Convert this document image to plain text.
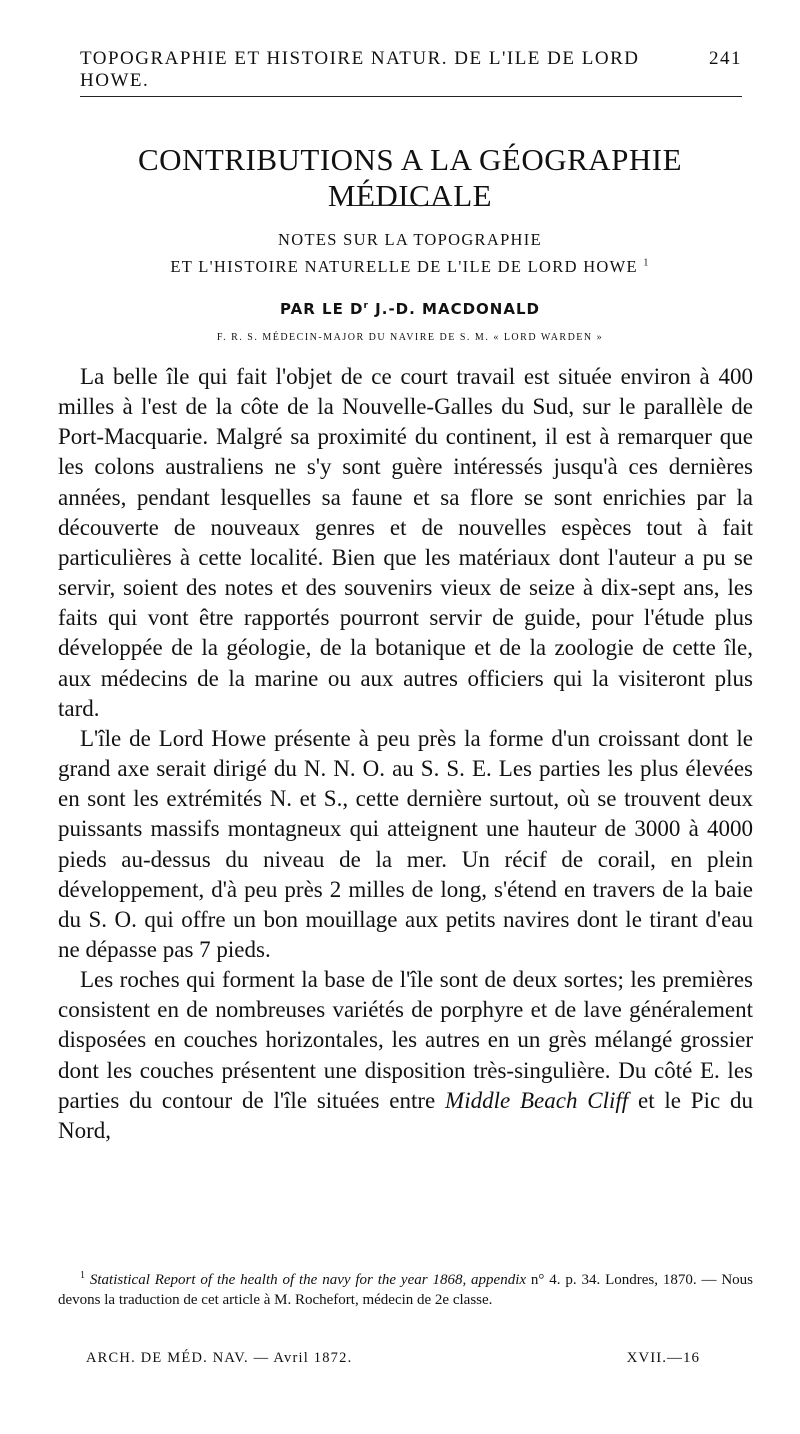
TOPOGRAPHIE ET HISTOIRE NATUR. DE L'ILE DE LORD HOWE.
241
CONTRIBUTIONS A LA GÉOGRAPHIE MÉDICALE
NOTES SUR LA TOPOGRAPHIE
ET L'HISTOIRE NATURELLE DE L'ILE DE LORD HOWE $^1$
PAR LE $D^r$ J.-D. MACDONALD
F. R. S. MÉDECIN-MAJOR DU NAVIRE DE S. M. « LORD WARDEN »

La belle île qui fait l'objet de ce court travail est située environ à 400 milles à l'est de la côte de la Nouvelle-Galles du Sud, sur le parallèle de Port-Macquarie. Malgré sa proximité du continent, il est à remarquer que les colons australiens ne s'y sont guère intéressés jusqu'à ces dernières années, pendant lesquelles sa faune et sa flore se sont enrichies par la découverte de nouveaux genres et de nouvelles espèces tout à fait particulières à cette localité. Bien que les matériaux dont l'auteur a pu se servir, soient des notes et des souvenirs vieux de seize à dix-sept ans, les faits qui vont être rapportés pourront servir de guide, pour l'étude plus développée de la géologie, de la botanique et de la zoologie de cette île, aux médecins de la marine ou aux autres officiers qui la visiteront plus tard.

L'île de Lord Howe présente à peu près la forme d'un croissant dont le grand axe serait dirigé du N. N. O. au S. S. E. Les parties les plus élevées en sont les extrémités N. et S., cette dernière surtout, où se trouvent deux puissants massifs montagneux qui atteignent une hauteur de 3000 à 4000 pieds au-dessus du niveau de la mer. Un récif de corail, en plein développement, d'à peu près 2 milles de long, s'étend en travers de la baie du S. O. qui offre un bon mouillage aux petits navires dont le tirant d'eau ne dépasse pas 7 pieds.

Les roches qui forment la base de l'île sont de deux sortes; les premières consistent en de nombreuses variétés de porphyre et de lave généralement disposées en couches horizontales, les autres en un grès mélangé grossier dont les couches présentent une disposition très-singulière. Du côté E. les parties du contour de l'île situées entre Middle Beach Cliff et le Pic du Nord,

$^1$ Statistical Report of the health of the navy for the year 1868, appendix n° 4. p. 34. Londres, 1870. — Nous devons la traduction de cet article à M. Rochefort, médecin de 2e classe.
ARCH. DE MÉD. NAV. — Avril 1872.	XVII.—16
